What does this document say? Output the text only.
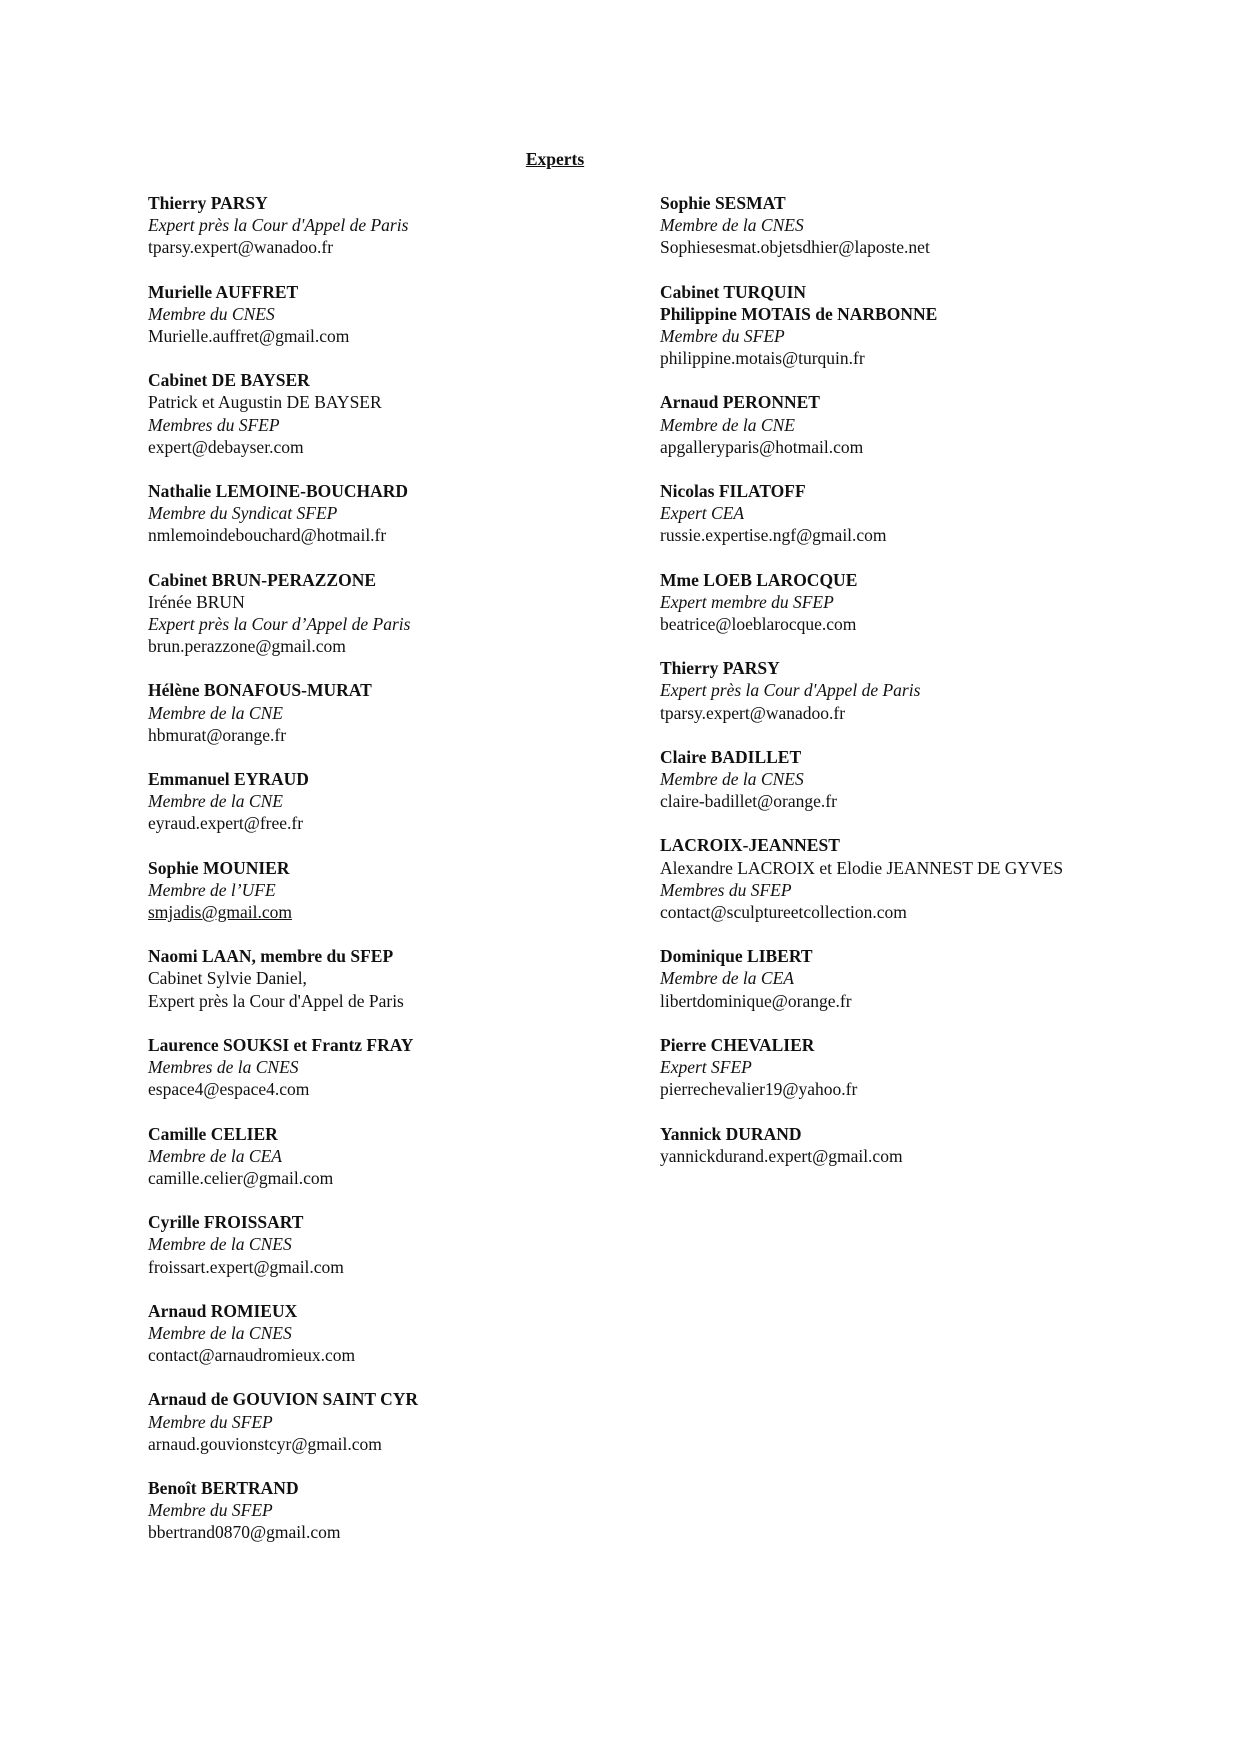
Experts
Thierry PARSY
Expert près la Cour d'Appel de Paris
tparsy.expert@wanadoo.fr
Murielle AUFFRET
Membre du CNES
Murielle.auffret@gmail.com
Cabinet DE BAYSER
Patrick et Augustin DE BAYSER
Membres du SFEP
expert@debayser.com
Nathalie LEMOINE-BOUCHARD
Membre du Syndicat SFEP
nmlemoindebouchard@hotmail.fr
Cabinet BRUN-PERAZZONE
Irénée BRUN
Expert près la Cour d’Appel de Paris
brun.perazzone@gmail.com
Hélène BONAFOUS-MURAT
Membre de la CNE
hbmurat@orange.fr
Emmanuel EYRAUD
Membre de la CNE
eyraud.expert@free.fr
Sophie MOUNIER
Membre de l’UFE
smjadis@gmail.com
Naomi LAAN, membre du SFEP
Cabinet Sylvie Daniel,
Expert près la Cour d'Appel de Paris
Laurence SOUKSI et Frantz FRAY
Membres de la CNES
espace4@espace4.com
Camille CELIER
Membre de la CEA
camille.celier@gmail.com
Cyrille FROISSART
Membre de la CNES
froissart.expert@gmail.com
Arnaud ROMIEUX
Membre de la CNES
contact@arnaudromieux.com
Arnaud de GOUVION SAINT CYR
Membre du SFEP
arnaud.gouvionstcyr@gmail.com
Benoît BERTRAND
Membre du SFEP
bbertrand0870@gmail.com
Sophie SESMAT
Membre de la CNES
Sophiesesmat.objetsdhier@laposte.net
Cabinet TURQUIN
Philippine MOTAIS de NARBONNE
Membre du SFEP
philippine.motais@turquin.fr
Arnaud PERONNET
Membre de la CNE
apgalleryparis@hotmail.com
Nicolas FILATOFF
Expert CEA
russie.expertise.ngf@gmail.com
Mme LOEB LAROCQUE
Expert membre du SFEP
beatrice@loeblarocque.com
Thierry PARSY
Expert près la Cour d'Appel de Paris
tparsy.expert@wanadoo.fr
Claire BADILLET
Membre de la CNES
claire-badillet@orange.fr
LACROIX-JEANNEST
Alexandre LACROIX et Elodie JEANNEST DE GYVES
Membres du SFEP
contact@sculptureetcollection.com
Dominique LIBERT
Membre de la CEA
libertdominique@orange.fr
Pierre CHEVALIER
Expert SFEP
pierrechevalier19@yahoo.fr
Yannick DURAND
yannickdurand.expert@gmail.com
